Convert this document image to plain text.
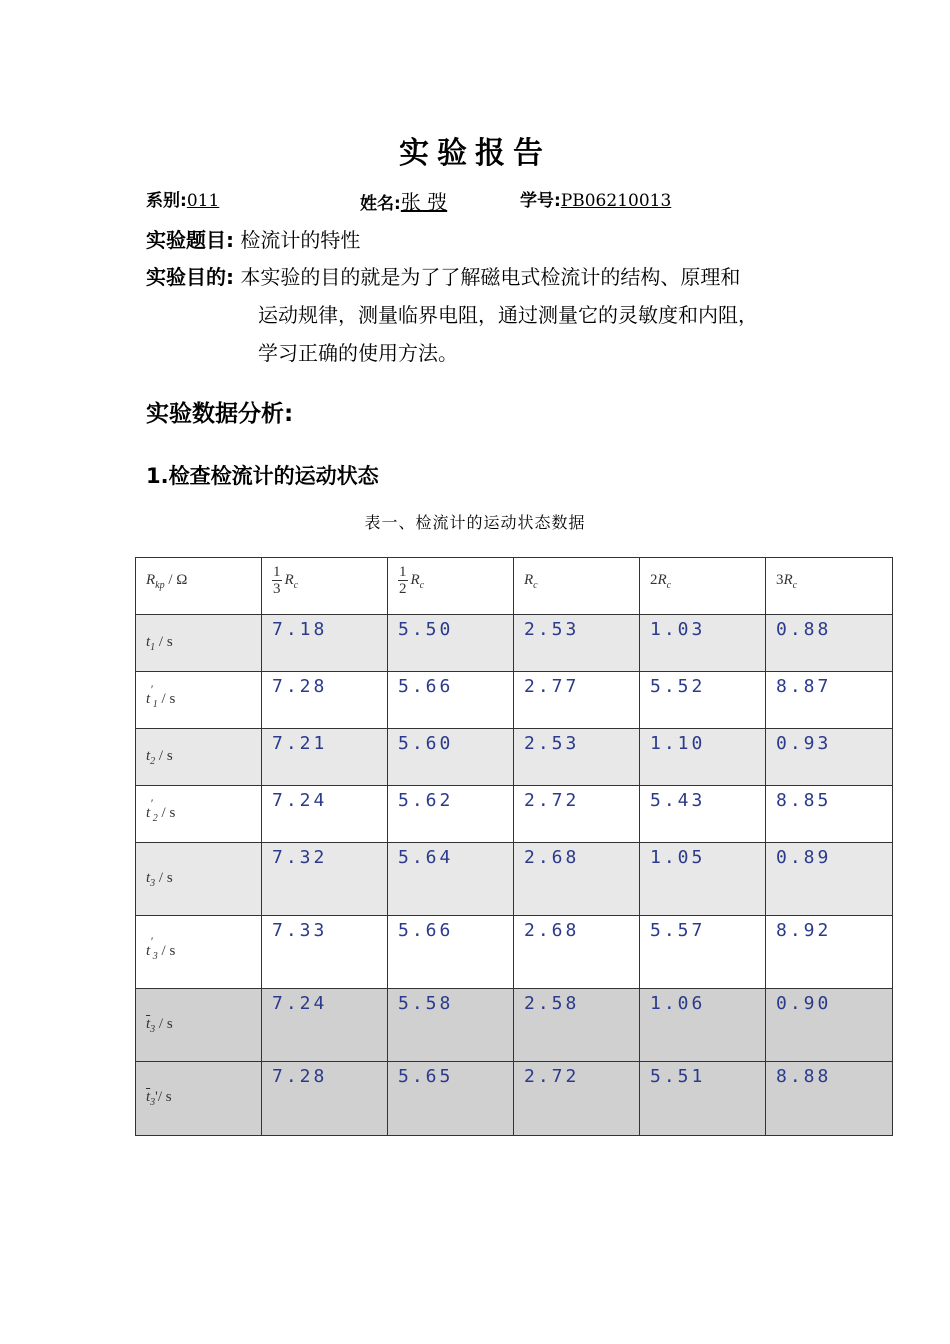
实验报告
系别:011	姓名:张 弢	学号:PB06210013
实验题目: 检流计的特性
实验目的: 本实验的目的就是为了了解磁电式检流计的结构、原理和
运动规律，测量临界电阻，通过测量它的灵敏度和内阻，
学习正确的使用方法。
实验数据分析:
1.检查检流计的运动状态
表一、检流计的运动状态数据
$R_{kp}$ / Ω	$\frac{1}{3} R_c$	$\frac{1}{2} R_c$	$R_c$	$2R_c$	$3R_c$
$t_1$ / s	7.18	5.50	2.53	1.03	0.88
$t'_1$ / s	7.28	5.66	2.77	5.52	8.87
$t_2$ / s	7.21	5.60	2.53	1.10	0.93
$t'_2$ / s	7.24	5.62	2.72	5.43	8.85
$t_3$ / s	7.32	5.64	2.68	1.05	0.89
$t'_3$ / s	7.33	5.66	2.68	5.57	8.92
$\overline{t}_3$ / s	7.24	5.58	2.58	1.06	0.90
$\overline{t}_3'/$ s	7.28	5.65	2.72	5.51	8.88
